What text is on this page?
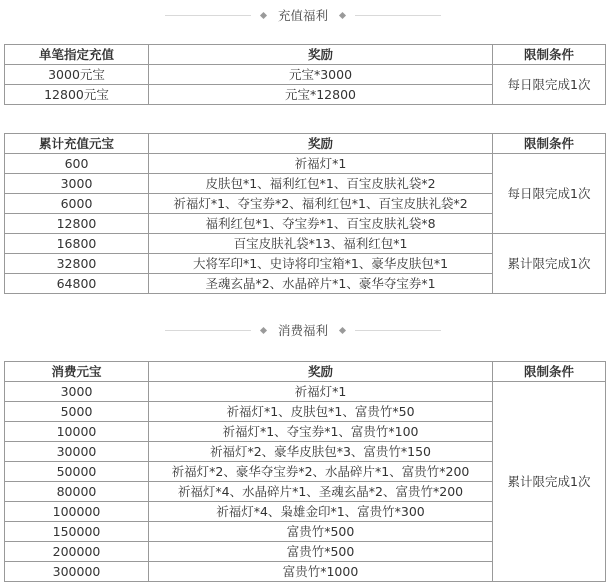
充值福利
单笔指定充值	奖励	限制条件
3000元宝	元宝*3000	每日限完成1次
12800元宝	元宝*12800	
累计充值元宝	奖励	限制条件
600	祈福灯*1	每日限完成1次
3000	皮肤包*1、福利红包*1、百宝皮肤礼袋*2	
6000	祈福灯*1、夺宝券*2、福利红包*1、百宝皮肤礼袋*2	
12800	福利红包*1、夺宝券*1、百宝皮肤礼袋*8	
16800	百宝皮肤礼袋*13、福利红包*1	累计限完成1次
32800	大将军印*1、史诗将印宝箱*1、豪华皮肤包*1	
64800	圣魂玄晶*2、水晶碎片*1、豪华夺宝券*1	
消费福利
消费元宝	奖励	限制条件
3000	祈福灯*1	累计限完成1次
5000	祈福灯*1、皮肤包*1、富贵竹*50	
10000	祈福灯*1、夺宝券*1、富贵竹*100	
30000	祈福灯*2、豪华皮肤包*3、富贵竹*150	
50000	祈福灯*2、豪华夺宝券*2、水晶碎片*1、富贵竹*200	
80000	祈福灯*4、水晶碎片*1、圣魂玄晶*2、富贵竹*200	
100000	祈福灯*4、枭雄金印*1、富贵竹*300	
150000	富贵竹*500	
200000	富贵竹*500	
300000	富贵竹*1000	
